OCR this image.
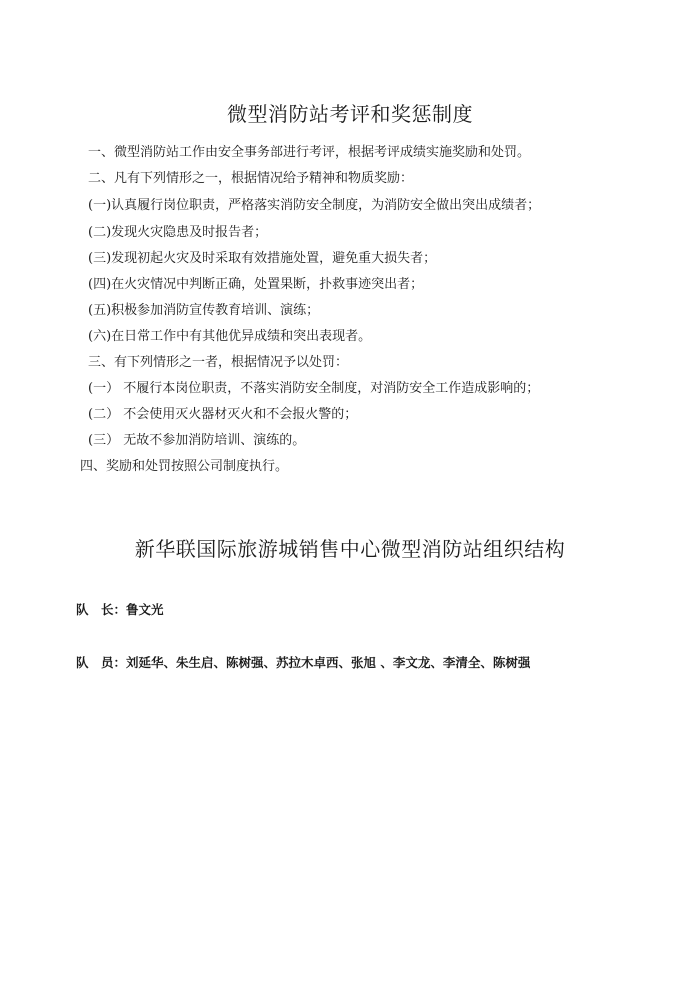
微型消防站考评和奖惩制度
一、微型消防站工作由安全事务部进行考评，根据考评成绩实施奖励和处罚。
二、凡有下列情形之一，根据情况给予精神和物质奖励：
(一)认真履行岗位职责，严格落实消防安全制度，为消防安全做出突出成绩者；
(二)发现火灾隐患及时报告者；
(三)发现初起火灾及时采取有效措施处置，避免重大损失者；
(四)在火灾情况中判断正确，处置果断，扑救事迹突出者；
(五)积极参加消防宣传教育培训、演练；
(六)在日常工作中有其他优异成绩和突出表现者。
三、有下列情形之一者，根据情况予以处罚：
(一） 不履行本岗位职责，不落实消防安全制度，对消防安全工作造成影响的；
(二） 不会使用灭火器材灭火和不会报火警的；
(三） 无故不参加消防培训、演练的。
四、奖励和处罚按照公司制度执行。
新华联国际旅游城销售中心微型消防站组织结构
队　长：鲁文光
队　员：刘延华、朱生启、陈树强、苏拉木卓西、张旭 、李文龙、李清全、陈树强
